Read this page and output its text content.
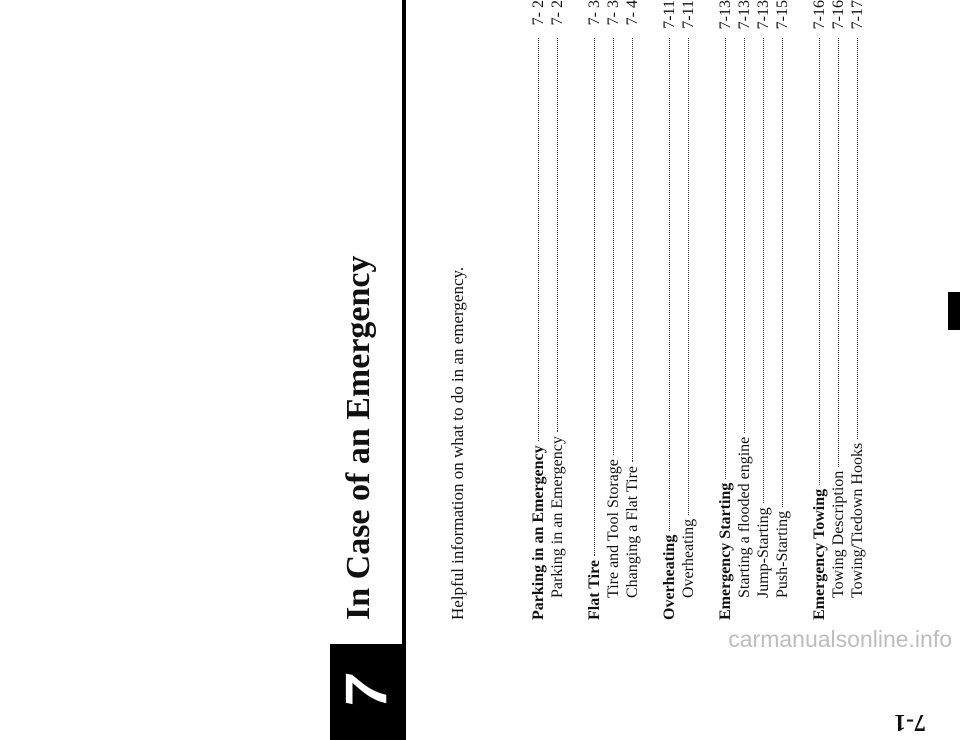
7
In Case of an Emergency	Helpful information on what to do in an emergency.	Parking in an Emergency
7- 2
Parking in an Emergency
7- 2
Flat Tire
7- 3
Tire and Tool Storage
7- 3
Changing a Flat Tire
7- 4
Overheating
7-11
Overheating
7-11
Emergency Starting
7-13
Starting a flooded engine
7-13
Jump-Starting
7-13
Push-Starting
7-15
Emergency Towing
7-16
Towing Description
7-16
Towing/Tiedown Hooks
7-17
7-1
carmanualsonline.info
